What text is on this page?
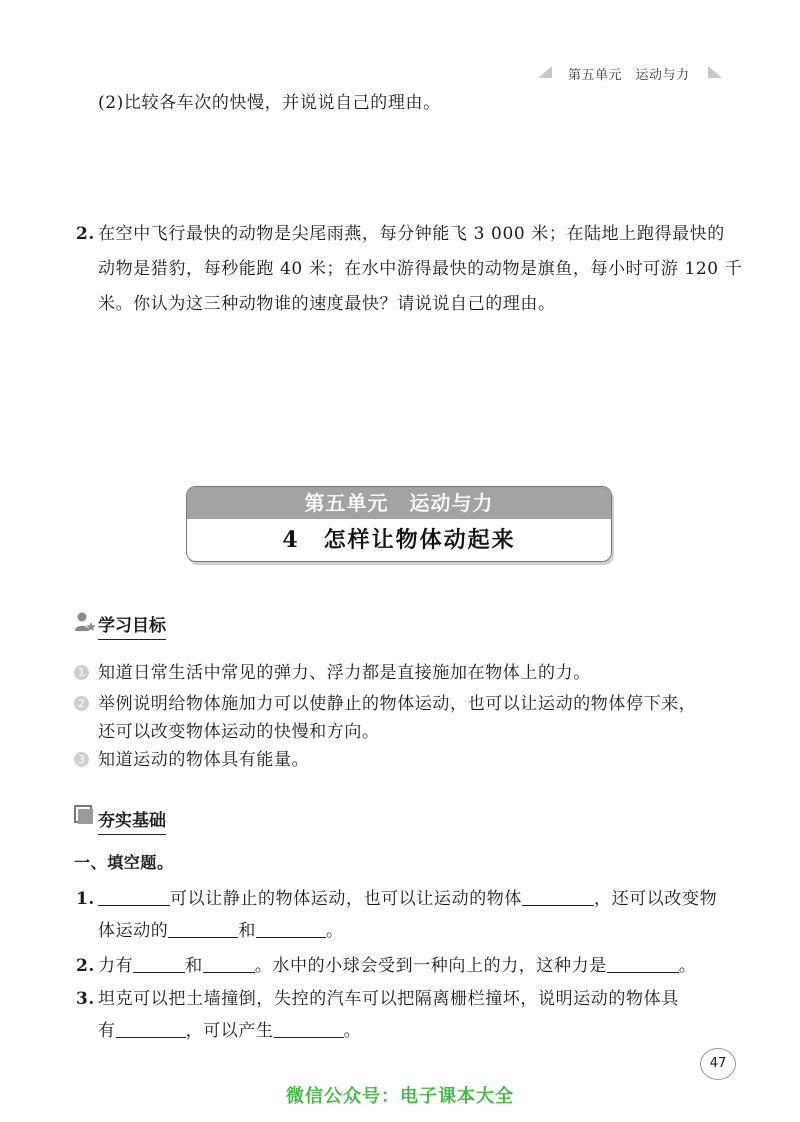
第五单元　运动与力
(2)比较各车次的快慢，并说说自己的理由。
2. 在空中飞行最快的动物是尖尾雨燕，每分钟能飞 3 000 米；在陆地上跑得最快的
动物是猎豹，每秒能跑 40 米；在水中游得最快的动物是旗鱼，每小时可游 120 千
米。你认为这三种动物谁的速度最快？请说说自己的理由。
第五单元　运动与力
4　怎样让物体动起来
学习目标
1 知道日常生活中常见的弹力、浮力都是直接施加在物体上的力。
2 举例说明给物体施加力可以使静止的物体运动，也可以让运动的物体停下来，
还可以改变物体运动的快慢和方向。
3 知道运动的物体具有能量。
夯实基础
一、填空题。
1.	可以让静止的物体运动，也可以让运动的物体	，还可以改变物
体运动的	和	。
2. 力有	和	。水中的小球会受到一种向上的力，这种力是	。
3. 坦克可以把土墙撞倒，失控的汽车可以把隔离栅栏撞坏，说明运动的物体具
有	，可以产生	。
47
微信公众号：电子课本大全
